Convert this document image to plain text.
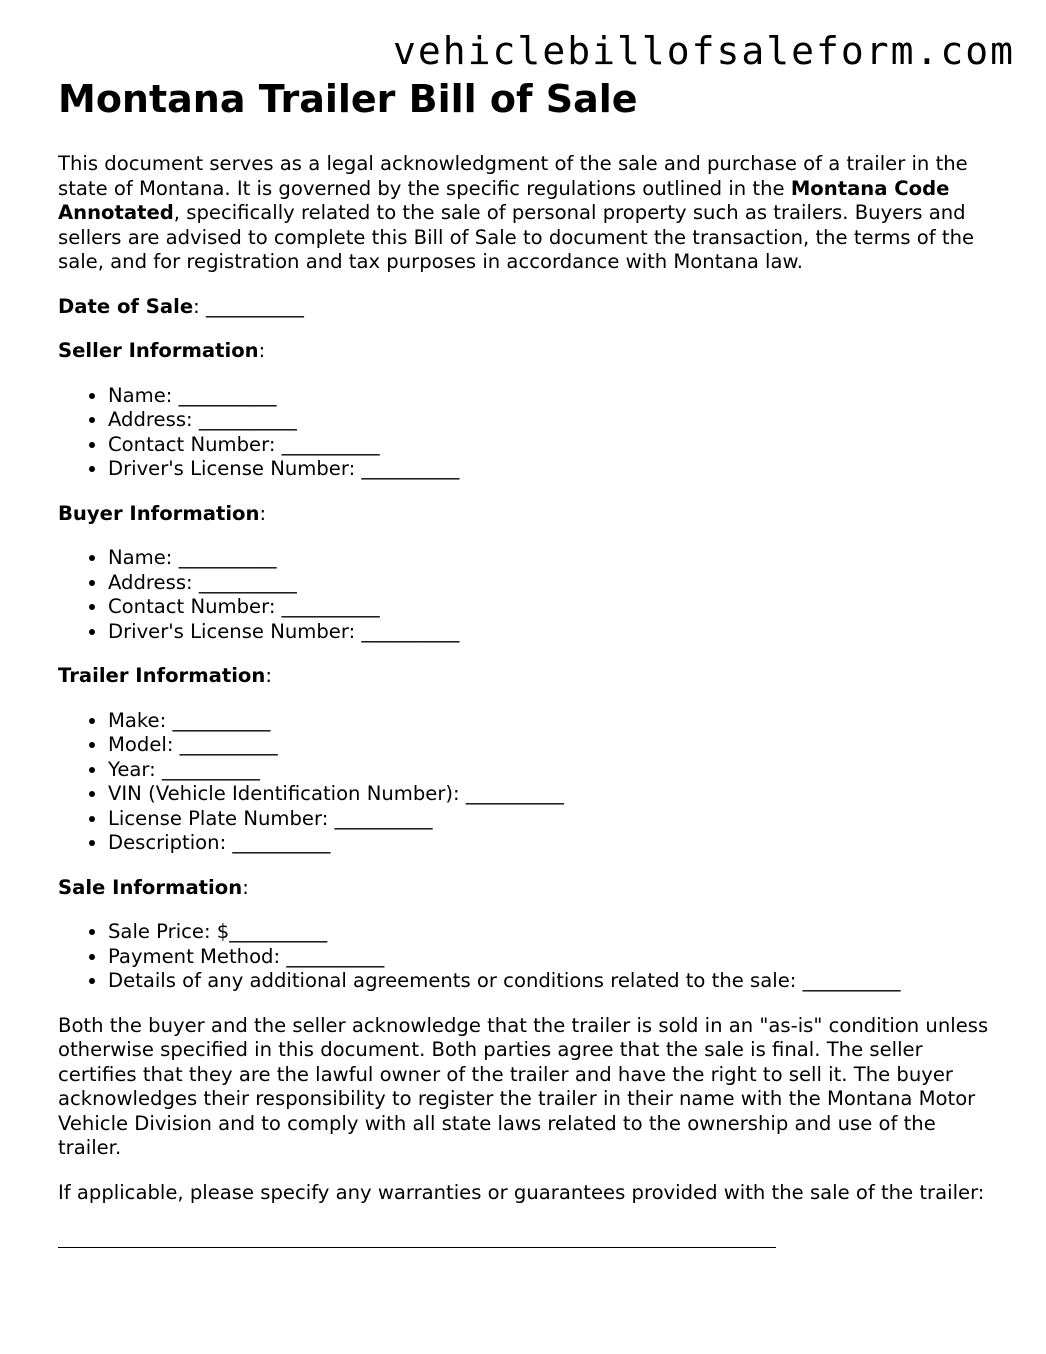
vehiclebillofsaleform.com

Montana Trailer Bill of Sale

This document serves as a legal acknowledgment of the sale and purchase of a trailer in the state of Montana. It is governed by the specific regulations outlined in the Montana Code Annotated, specifically related to the sale of personal property such as trailers. Buyers and sellers are advised to complete this Bill of Sale to document the transaction, the terms of the sale, and for registration and tax purposes in accordance with Montana law.

Date of Sale: __________

Seller Information:

• Name: __________
• Address: __________
• Contact Number: __________
• Driver's License Number: __________

Buyer Information:

• Name: __________
• Address: __________
• Contact Number: __________
• Driver's License Number: __________

Trailer Information:

• Make: __________
• Model: __________
• Year: __________
• VIN (Vehicle Identification Number): __________
• License Plate Number: __________
• Description: __________

Sale Information:

• Sale Price: $__________
• Payment Method: __________
• Details of any additional agreements or conditions related to the sale: __________

Both the buyer and the seller acknowledge that the trailer is sold in an "as-is" condition unless otherwise specified in this document. Both parties agree that the sale is final. The seller certifies that they are the lawful owner of the trailer and have the right to sell it. The buyer acknowledges their responsibility to register the trailer in their name with the Montana Motor Vehicle Division and to comply with all state laws related to the ownership and use of the trailer.

If applicable, please specify any warranties or guarantees provided with the sale of the trailer:
